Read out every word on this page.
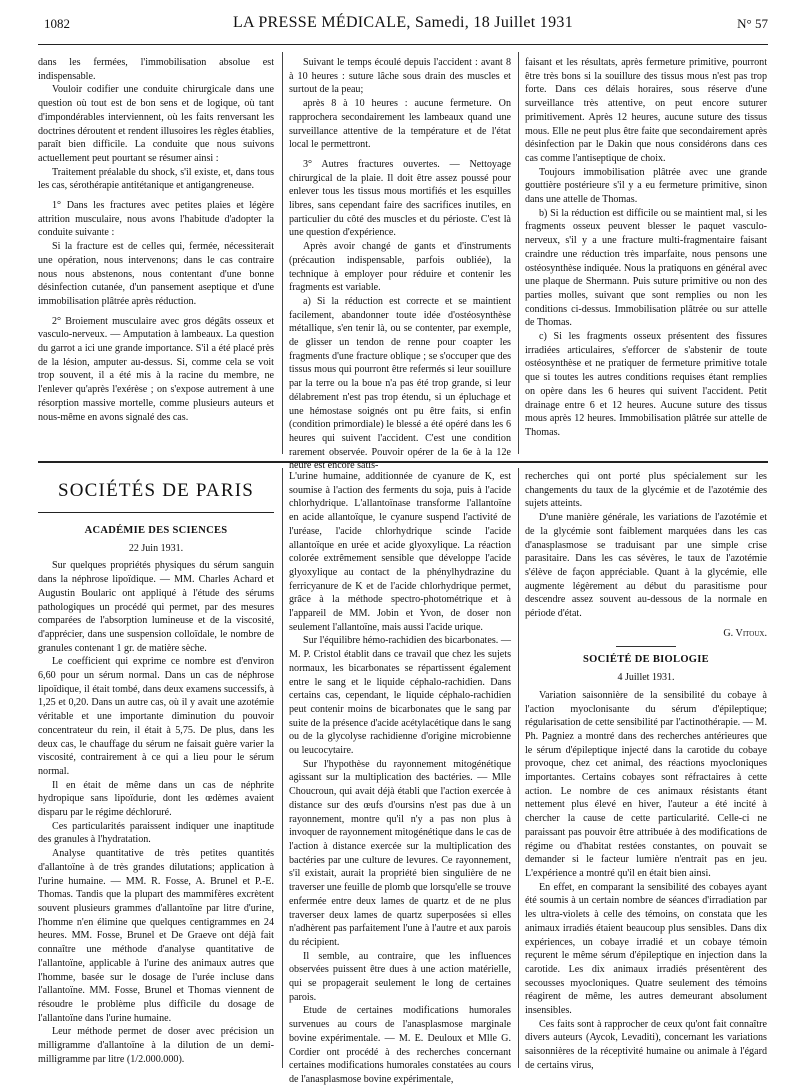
1082	LA PRESSE MÉDICALE, Samedi, 18 Juillet 1931	N° 57

dans les fermées, l'immobilisation absolue est indispensable.

Vouloir codifier une conduite chirurgicale dans une question où tout est de bon sens et de logique, où tant d'impondérables interviennent, où les faits renversant les doctrines déroutent et rendent illusoires les règles établies, paraît bien difficile. La conduite que nous suivons actuellement peut pourtant se résumer ainsi :

Traitement préalable du shock, s'il existe, et, dans tous les cas, sérothérapie antitétanique et antigangreneuse.

1° Dans les fractures avec petites plaies et légère attrition musculaire, nous avons l'habitude d'adopter la conduite suivante :

Si la fracture est de celles qui, fermée, nécessiterait une opération, nous intervenons; dans le cas contraire nous nous abstenons, nous contentant d'une bonne désinfection cutanée, d'un pansement aseptique et d'une immobilisation plâtrée après réduction.

2° Broiement musculaire avec gros dégâts osseux et vasculo-nerveux. — Amputation à lambeaux. La question du garrot a ici une grande importance. S'il a été placé près de la lésion, amputer au-dessus. Si, comme cela se voit trop souvent, il a été mis à la racine du membre, ne l'enlever qu'après l'exérèse ; on s'expose autrement à une résorption massive mortelle, comme plusieurs auteurs et nous-même en avons signalé des cas.

Suivant le temps écoulé depuis l'accident : avant 8 à 10 heures : suture lâche sous drain des muscles et surtout de la peau;

après 8 à 10 heures : aucune fermeture. On rapprochera secondairement les lambeaux quand une surveillance attentive de la température et de l'état local le permettront.

3° Autres fractures ouvertes. — Nettoyage chirurgical de la plaie. Il doit être assez poussé pour enlever tous les tissus mous mortifiés et les esquilles libres, sans cependant faire des sacrifices inutiles, en particulier du côté des muscles et du périoste. C'est là une question d'expérience.

Après avoir changé de gants et d'instruments (précaution indispensable, parfois oubliée), la technique à employer pour réduire et contenir les fragments est variable.

a) Si la réduction est correcte et se maintient facilement, abandonner toute idée d'ostéosynthèse métallique, s'en tenir là, ou se contenter, par exemple, de glisser un tendon de renne pour coapter les fragments d'une fracture oblique ; se s'occuper que des tissus mous qui pourront être refermés si leur souillure par la terre ou la boue n'a pas été trop grande, si leur délabrement n'est pas trop étendu, si un épluchage et une hémostase soignés ont pu être faits, si enfin (condition primordiale) le blessé a été opéré dans les 6 heures qui suivent l'accident. C'est une condition rarement observée. Pouvoir opérer de la 6e à la 12e heure est encore satis-

faisant et les résultats, après fermeture primitive, pourront être très bons si la souillure des tissus mous n'est pas trop forte. Dans ces délais horaires, sous réserve d'une surveillance très attentive, on peut encore suturer primitivement. Après 12 heures, aucune suture des tissus mous. Elle ne peut plus être faite que secondairement après désinfection par le Dakin que nous considérons dans ces cas comme l'antiseptique de choix.

Toujours immobilisation plâtrée avec une grande gouttière postérieure s'il y a eu fermeture primitive, sinon dans une attelle de Thomas.

b) Si la réduction est difficile ou se maintient mal, si les fragments osseux peuvent blesser le paquet vasculo-nerveux, s'il y a une fracture multi-fragmentaire faisant craindre une réduction très imparfaite, nous pensons une ostéosynthèse indiquée. Nous la pratiquons en général avec une plaque de Shermann. Puis suture primitive ou non des parties molles, suivant que sont remplies ou non les conditions ci-dessus. Immobilisation plâtrée ou sur attelle de Thomas.

c) Si les fragments osseux présentent des fissures irradiées articulaires, s'efforcer de s'abstenir de toute ostéosynthèse et ne pratiquer de fermeture primitive totale que si toutes les autres conditions requises étant remplies on opère dans les 6 heures qui suivent l'accident. Petit drainage entre 6 et 12 heures. Aucune suture des tissus mous après 12 heures. Immobilisation plâtrée sur attelle de Thomas.

SOCIÉTÉS DE PARIS
ACADÉMIE DES SCIENCES
22 Juin 1931.

Sur quelques propriétés physiques du sérum sanguin dans la néphrose lipoïdique. — MM. Charles Achard et Augustin Boularic ont appliqué à l'étude des sérums pathologiques un procédé qui permet, par des mesures comparées de l'absorption lumineuse et de la viscosité, d'apprécier, dans une suspension colloïdale, le nombre de granules contenant 1 gr. de matière sèche.

Le coefficient qui exprime ce nombre est d'environ 6,60 pour un sérum normal. Dans un cas de néphrose lipoïdique, il était tombé, dans deux examens successifs, à 1,25 et 0,20. Dans un autre cas, où il y avait une azotémie véritable et une importante diminution du pouvoir concentrateur du rein, il était à 5,75. De plus, dans les deux cas, le chauffage du sérum ne faisait guère varier la viscosité, contrairement à ce qui a lieu pour le sérum normal.

Il en était de même dans un cas de néphrite hydropique sans lipoïdurie, dont les œdèmes avaient disparu par le régime déchloruré.

Ces particularités paraissent indiquer une inaptitude des granules à l'hydratation.

Analyse quantitative de très petites quantités d'allantoïne à de très grandes dilutations; application à l'urine humaine. — MM. R. Fosse, A. Brunel et P.-E. Thomas. Tandis que la plupart des mammifères excrètent souvent plusieurs grammes d'allantoïne par litre d'urine, l'homme n'en élimine que quelques centigrammes en 24 heures. MM. Fosse, Brunel et De Graeve ont déjà fait connaître une méthode d'analyse quantitative de l'allantoïne, applicable à l'urine des animaux autres que l'homme, basée sur le dosage de l'urée incluse dans l'allantoïne. MM. Fosse, Brunel et Thomas viennent de résoudre le problème plus difficile du dosage de l'allantoïne dans l'urine humaine.

Leur méthode permet de doser avec précision un milligramme d'allantoïne à la dilution de un demi-milligramme par litre (1/2.000.000).

L'urine humaine, additionnée de cyanure de K, est soumise à l'action des ferments du soja, puis à l'acide chlorhydrique. L'allantoïnase transforme l'allantoïne en acide allantoïque, le cyanure suspend l'activité de l'uréase, l'acide chlorhydrique scinde l'acide allantoïque en urée et acide glyoxylique. La réaction colorée extrêmement sensible que développe l'acide glyoxylique au contact de la phénylhydrazine du ferricyanure de K et de l'acide chlorhydrique permet, grâce à la méthode spectro-photométrique et à l'appareil de MM. Jobin et Yvon, de doser non seulement l'allantoïne, mais aussi l'acide urique.

Sur l'équilibre hémo-rachidien des bicarbonates. — M. P. Cristol établit dans ce travail que chez les sujets normaux, les bicarbonates se répartissent également entre le sang et le liquide céphalo-rachidien. Dans certains cas, cependant, le liquide céphalo-rachidien peut contenir moins de bicarbonates que le sang par suite de la présence d'acide acétylacétique dans le sang ou de la glycolyse rachidienne d'origine microbienne ou leucocytaire.

Sur l'hypothèse du rayonnement mitogénétique agissant sur la multiplication des bactéries. — Mlle Choucroun, qui avait déjà établi que l'action exercée à distance sur des œufs d'oursins n'est pas due à un rayonnement, montre qu'il n'y a pas non plus à invoquer de rayonnement mitogénétique dans le cas de l'action à distance exercée sur la multiplication des bactéries par une culture de levures. Ce rayonnement, s'il existait, aurait la propriété bien singulière de ne traverser une feuille de plomb que lorsqu'elle se trouve enfermée entre deux lames de quartz et de ne plus traverser deux lames de quartz superposées si elles n'adhèrent pas parfaitement l'une à l'autre et aux parois du récipient.

Il semble, au contraire, que les influences observées puissent être dues à une action matérielle, qui se propagerait seulement le long de certaines parois.

Etude de certaines modifications humorales survenues au cours de l'anasplasmose marginale bovine expérimentale. — M. E. Deuloux et Mlle G. Cordier ont procédé à des recherches concernant certaines modifications humorales constatées au cours de l'anasplasmose bovine expérimentale,

recherches qui ont porté plus spécialement sur les changements du taux de la glycémie et de l'azotémie des sujets atteints.

D'une manière générale, les variations de l'azotémie et de la glycémie sont faiblement marquées dans les cas d'anasplasmose se traduisant par une simple crise parasitaire. Dans les cas sévères, le taux de l'azotémie s'élève de façon appréciable. Quant à la glycémie, elle augmente légèrement au début du parasitisme pour descendre assez souvent au-dessous de la normale en période d'état.

G. Vitoux.
SOCIÉTÉ DE BIOLOGIE
4 Juillet 1931.

Variation saisonnière de la sensibilité du cobaye à l'action myoclonisante du sérum d'épileptique; régularisation de cette sensibilité par l'actinothérapie. — M. Ph. Pagniez a montré dans des recherches antérieures que le sérum d'épileptique injecté dans la carotide du cobaye provoque, chez cet animal, des réactions myocloniques importantes. Certains cobayes sont réfractaires à cette action. Le nombre de ces animaux résistants étant nettement plus élevé en hiver, l'auteur a été incité à chercher la cause de cette particularité. Celle-ci ne paraissant pas pouvoir être attribuée à des modifications de régime ou d'habitat restées constantes, on pouvait se demander si le facteur lumière n'entrait pas en jeu. L'expérience a montré qu'il en était bien ainsi.

En effet, en comparant la sensibilité des cobayes ayant été soumis à un certain nombre de séances d'irradiation par les ultra-violets à celle des témoins, on constata que les animaux irradiés étaient beaucoup plus sensibles. Dans dix expériences, un cobaye irradié et un cobaye témoin reçurent le même sérum d'épileptique en injection dans la carotide. Les dix animaux irradiés présentèrent des secousses myocloniques. Quatre seulement des témoins réagirent de même, les autres demeurant absolument insensibles.

Ces faits sont à rapprocher de ceux qu'ont fait connaître divers auteurs (Aycok, Levaditi), concernant les variations saisonnières de la réceptivité humaine ou animale à l'égard de certains virus,
